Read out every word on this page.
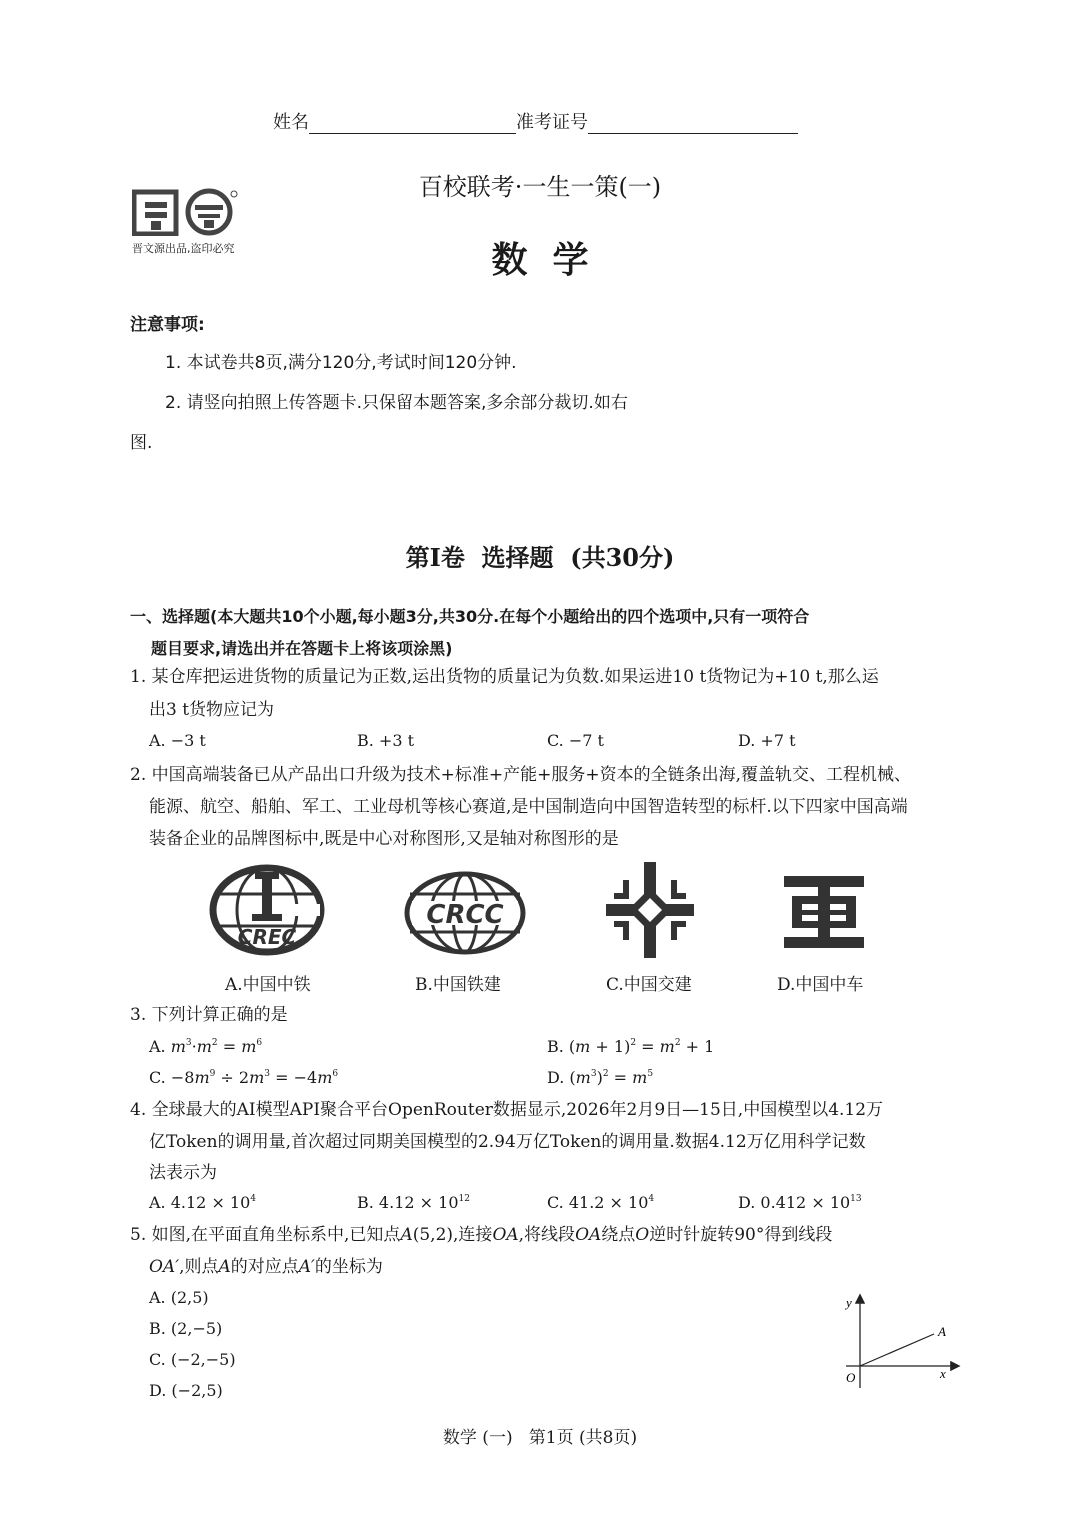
姓名	准考证号
晋文源出品,盗印必究
百校联考·一生一策(一)
数  学
注意事项:
1. 本试卷共8页,满分120分,考试时间120分钟.
2. 请竖向拍照上传答题卡.只保留本题答案,多余部分裁切.如右
图.
第Ⅰ卷  选择题  (共30分)
一、选择题(本大题共10个小题,每小题3分,共30分.在每个小题给出的四个选项中,只有一项符合
题目要求,请选出并在答题卡上将该项涂黑)
1. 某仓库把运进货物的质量记为正数,运出货物的质量记为负数.如果运进10 t货物记为+10 t,那么运
出3 t货物应记为
A. −3 t	B. +3 t	C. −7 t	D. +7 t
2. 中国高端装备已从产品出口升级为技术+标准+产能+服务+资本的全链条出海,覆盖轨交、工程机械、
能源、航空、船舶、军工、工业母机等核心赛道,是中国制造向中国智造转型的标杆.以下四家中国高端
装备企业的品牌图标中,既是中心对称图形,又是轴对称图形的是
CREC
CRCC
A.中国中铁	B.中国铁建	C.中国交建	D.中国中车
3. 下列计算正确的是
A. $m^3\cdot m^2 = m^6$	B. $(m + 1)^2 = m^2 + 1$
C. $-8m^9 \div 2m^3 = -4m^6$	D. $(m^3)^2 = m^5$
4. 全球最大的AI模型API聚合平台OpenRouter数据显示,2026年2月9日—15日,中国模型以4.12万
亿Token的调用量,首次超过同期美国模型的2.94万亿Token的调用量.数据4.12万亿用科学记数
法表示为
A. $4.12 \times 10^4$	B. $4.12 \times 10^{12}$	C. $41.2 \times 10^4$	D. $0.412 \times 10^{13}$
5. 如图,在平面直角坐标系中,已知点A(5,2),连接OA,将线段OA绕点O逆时针旋转90°得到线段
OA′,则点A的对应点A′的坐标为
A. (2,5)
B. (2,−5)
C. (−2,−5)
D. (−2,5)
y
x
O
A
数学 (一)   第1页 (共8页)
